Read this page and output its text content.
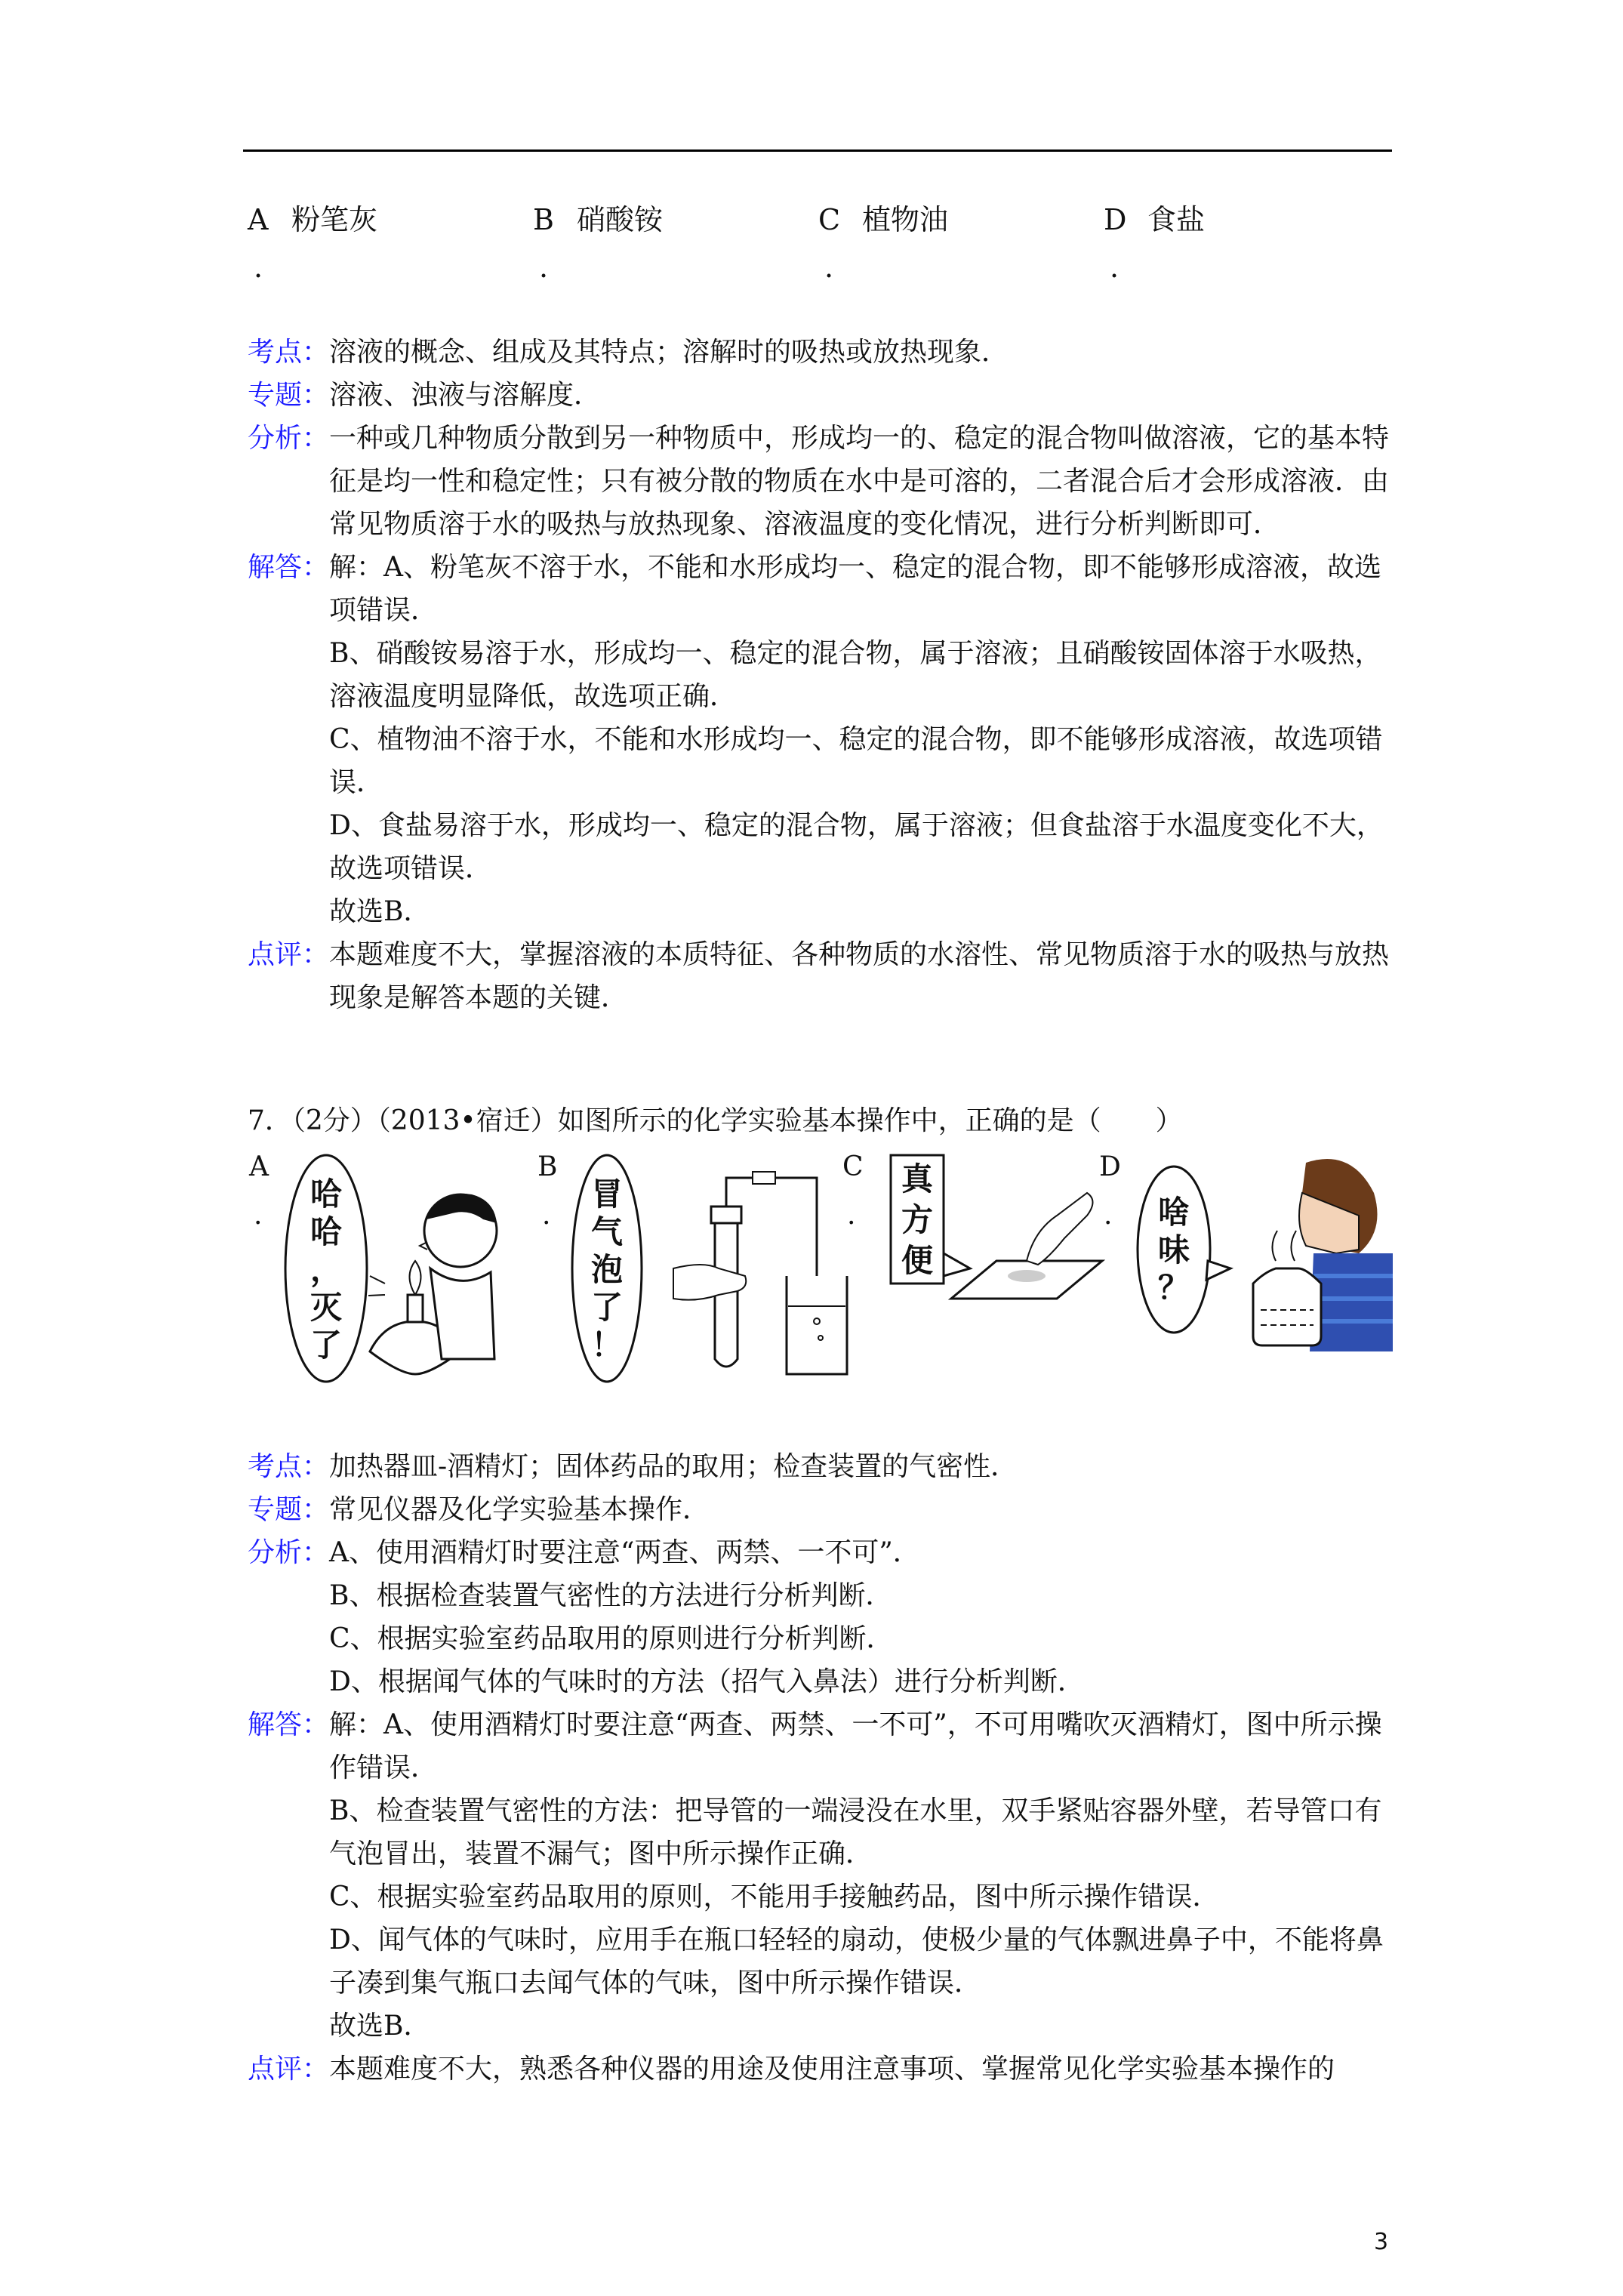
A 粉笔灰	B 硝酸铵	C 植物油	D 食盐
.	.	.	.
考点： 溶液的概念、组成及其特点；溶解时的吸热或放热现象．
专题： 溶液、浊液与溶解度．
分析： 一种或几种物质分散到另一种物质中，形成均一的、稳定的混合物叫做溶液，它的基本特征是均一性和稳定性；只有被分散的物质在水中是可溶的，二者混合后才会形成溶液．由常见物质溶于水的吸热与放热现象、溶液温度的变化情况，进行分析判断即可．
解答： 解：A、粉笔灰不溶于水，不能和水形成均一、稳定的混合物，即不能够形成溶液，故选项错误．

B、硝酸铵易溶于水，形成均一、稳定的混合物，属于溶液；且硝酸铵固体溶于水吸热，溶液温度明显降低，故选项正确．

C、植物油不溶于水，不能和水形成均一、稳定的混合物，即不能够形成溶液，故选项错误．

D、食盐易溶于水，形成均一、稳定的混合物，属于溶液；但食盐溶于水温度变化不大，故选项错误．

故选B．

点评： 本题难度不大，掌握溶液的本质特征、各种物质的水溶性、常见物质溶于水的吸热与放热现象是解答本题的关键．
7．（2分）（2013•宿迁）如图所示的化学实验基本操作中，正确的是（　　）
A	B	C	D
.	.	.	.
哈
哈
，
灭
了
冒
气
泡
了
！
真
方
便
啥
味
？
考点： 加热器皿-酒精灯；固体药品的取用；检查装置的气密性．
专题： 常见仪器及化学实验基本操作．
分析： A、使用酒精灯时要注意“两查、两禁、一不可”．

B、根据检查装置气密性的方法进行分析判断．

C、根据实验室药品取用的原则进行分析判断．

D、根据闻气体的气味时的方法（招气入鼻法）进行分析判断．

解答： 解：A、使用酒精灯时要注意“两查、两禁、一不可”，不可用嘴吹灭酒精灯，图中所示操作错误．

B、检查装置气密性的方法：把导管的一端浸没在水里，双手紧贴容器外壁，若导管口有气泡冒出，装置不漏气；图中所示操作正确．

C、根据实验室药品取用的原则，不能用手接触药品，图中所示操作错误．

D、闻气体的气味时，应用手在瓶口轻轻的扇动，使极少量的气体飘进鼻子中，不能将鼻子凑到集气瓶口去闻气体的气味，图中所示操作错误．

故选B．

点评： 本题难度不大，熟悉各种仪器的用途及使用注意事项、掌握常见化学实验基本操作的
3
